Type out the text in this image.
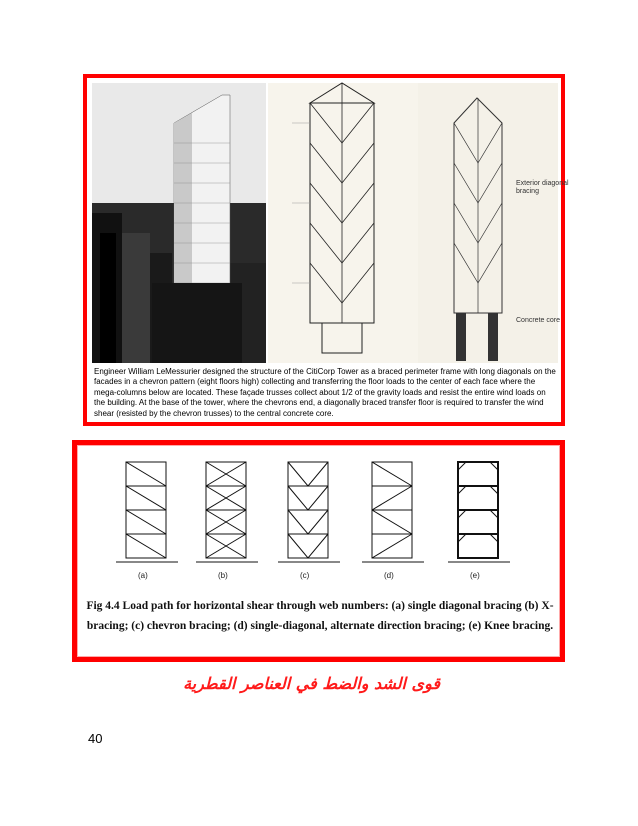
Exterior diagonal bracing
Concrete core
Engineer William LeMessurier designed the structure of the CitiCorp Tower as a braced perimeter frame with long diagonals on the facades in a chevron pattern (eight floors high) collecting and transferring the floor loads to the center of each face where the mega-columns below are located. These façade trusses collect about 1/2 of the gravity loads and resist the entire wind loads on the building. At the base of the tower, where the chevrons end, a diagonally braced transfer floor is required to transfer the wind shear (resisted by the chevron trusses) to the central concrete core.
(a)	(b)	(c)	(d)	(e)
Fig 4.4 Load path for horizontal shear through web numbers: (a) single diagonal bracing (b) X-bracing; (c) chevron bracing; (d) single-diagonal, alternate direction bracing; (e) Knee bracing.
قوى الشد والضط في العناصر القطرية
40
